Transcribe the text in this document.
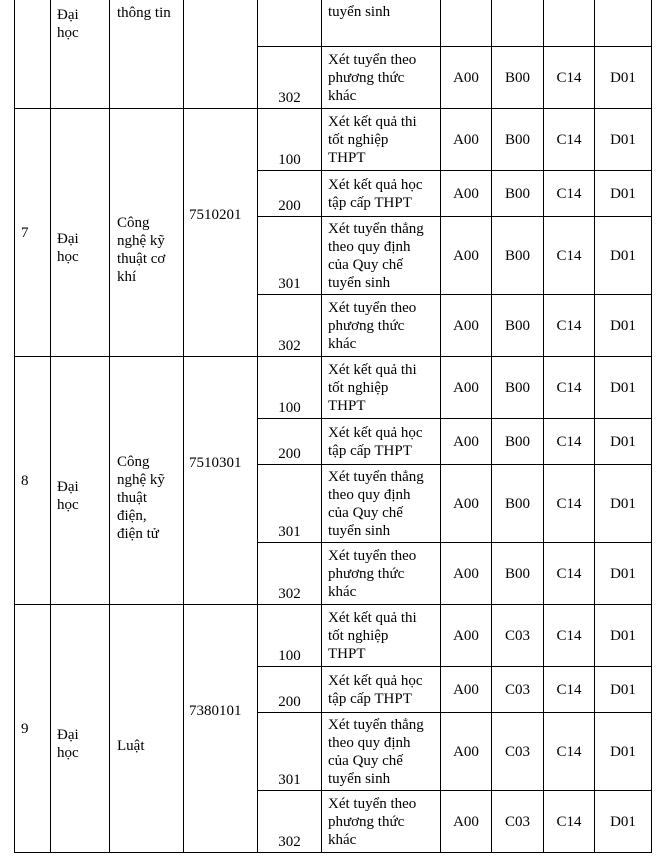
	Đại
học	thông tin			tuyển sinh				

				302	Xét tuyển theo
phương thức
khác	A00	B00	C14	D01

7	Đại
học	Công
nghệ kỹ
thuật cơ
khí	7510201	100	Xét kết quả thi
tốt nghiệp
THPT	A00	B00	C14	D01

				200	Xét kết quả học
tập cấp THPT	A00	B00	C14	D01

				301	Xét tuyển thẳng
theo quy định
của Quy chế
tuyển sinh	A00	B00	C14	D01

				302	Xét tuyển theo
phương thức
khác	A00	B00	C14	D01

8	Đại
học	Công
nghệ kỹ
thuật
điện,
điện tử	7510301	100	Xét kết quả thi
tốt nghiệp
THPT	A00	B00	C14	D01

				200	Xét kết quả học
tập cấp THPT	A00	B00	C14	D01

				301	Xét tuyển thẳng
theo quy định
của Quy chế
tuyển sinh	A00	B00	C14	D01

				302	Xét tuyển theo
phương thức
khác	A00	B00	C14	D01

9	Đại
học	Luật	7380101	100	Xét kết quả thi
tốt nghiệp
THPT	A00	C03	C14	D01

				200	Xét kết quả học
tập cấp THPT	A00	C03	C14	D01

				301	Xét tuyển thẳng
theo quy định
của Quy chế
tuyển sinh	A00	C03	C14	D01

				302	Xét tuyển theo
phương thức
khác	A00	C03	C14	D01
